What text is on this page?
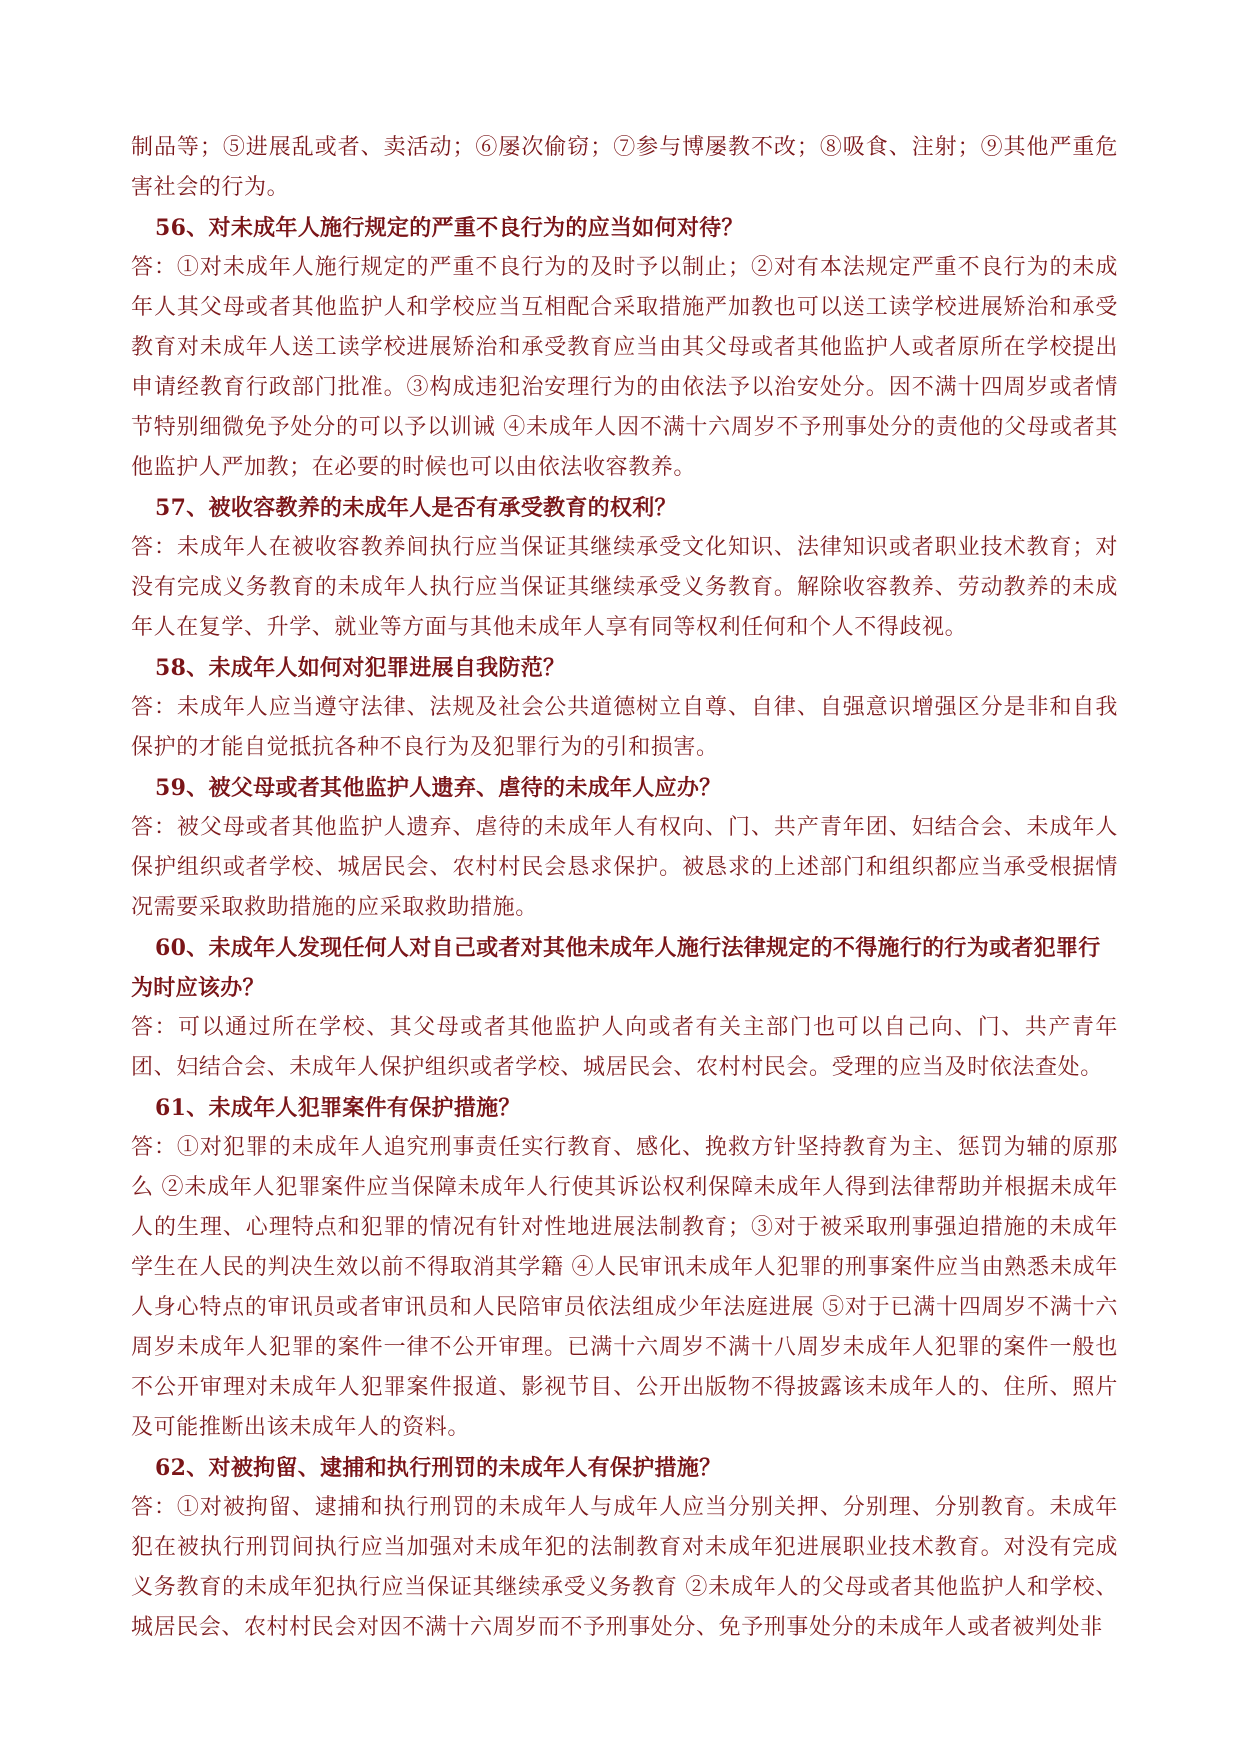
制品等；⑤进展乱或者、卖活动；⑥屡次偷窃；⑦参与博屡教不改；⑧吸食、注射；⑨其他严重危害社会的行为。

56、对未成年人施行规定的严重不良行为的应当如何对待？

答：①对未成年人施行规定的严重不良行为的及时予以制止；②对有本法规定严重不良行为的未成年人其父母或者其他监护人和学校应当互相配合采取措施严加教也可以送工读学校进展矫治和承受教育对未成年人送工读学校进展矫治和承受教育应当由其父母或者其他监护人或者原所在学校提出申请经教育行政部门批准。③构成违犯治安理行为的由依法予以治安处分。因不满十四周岁或者情节特别细微免予处分的可以予以训诫 ④未成年人因不满十六周岁不予刑事处分的责他的父母或者其他监护人严加教；在必要的时候也可以由依法收容教养。

57、被收容教养的未成年人是否有承受教育的权利？

答：未成年人在被收容教养间执行应当保证其继续承受文化知识、法律知识或者职业技术教育；对没有完成义务教育的未成年人执行应当保证其继续承受义务教育。解除收容教养、劳动教养的未成年人在复学、升学、就业等方面与其他未成年人享有同等权利任何和个人不得歧视。

58、未成年人如何对犯罪进展自我防范？

答：未成年人应当遵守法律、法规及社会公共道德树立自尊、自律、自强意识增强区分是非和自我保护的才能自觉抵抗各种不良行为及犯罪行为的引和损害。

59、被父母或者其他监护人遗弃、虐待的未成年人应办？

答：被父母或者其他监护人遗弃、虐待的未成年人有权向、门、共产青年团、妇结合会、未成年人保护组织或者学校、城居民会、农村村民会恳求保护。被恳求的上述部门和组织都应当承受根据情况需要采取救助措施的应采取救助措施。

60、未成年人发现任何人对自己或者对其他未成年人施行法律规定的不得施行的行为或者犯罪行为时应该办？

答：可以通过所在学校、其父母或者其他监护人向或者有关主部门也可以自己向、门、共产青年团、妇结合会、未成年人保护组织或者学校、城居民会、农村村民会。受理的应当及时依法查处。

61、未成年人犯罪案件有保护措施？

答：①对犯罪的未成年人追究刑事责任实行教育、感化、挽救方针坚持教育为主、惩罚为辅的原那么 ②未成年人犯罪案件应当保障未成年人行使其诉讼权利保障未成年人得到法律帮助并根据未成年人的生理、心理特点和犯罪的情况有针对性地进展法制教育；③对于被采取刑事强迫措施的未成年学生在人民的判决生效以前不得取消其学籍 ④人民审讯未成年人犯罪的刑事案件应当由熟悉未成年人身心特点的审讯员或者审讯员和人民陪审员依法组成少年法庭进展 ⑤对于已满十四周岁不满十六周岁未成年人犯罪的案件一律不公开审理。已满十六周岁不满十八周岁未成年人犯罪的案件一般也不公开审理对未成年人犯罪案件报道、影视节目、公开出版物不得披露该未成年人的、住所、照片及可能推断出该未成年人的资料。

62、对被拘留、逮捕和执行刑罚的未成年人有保护措施？

答：①对被拘留、逮捕和执行刑罚的未成年人与成年人应当分别关押、分别理、分别教育。未成年犯在被执行刑罚间执行应当加强对未成年犯的法制教育对未成年犯进展职业技术教育。对没有完成义务教育的未成年犯执行应当保证其继续承受义务教育 ②未成年人的父母或者其他监护人和学校、城居民会、农村村民会对因不满十六周岁而不予刑事处分、免予刑事处分的未成年人或者被判处非
